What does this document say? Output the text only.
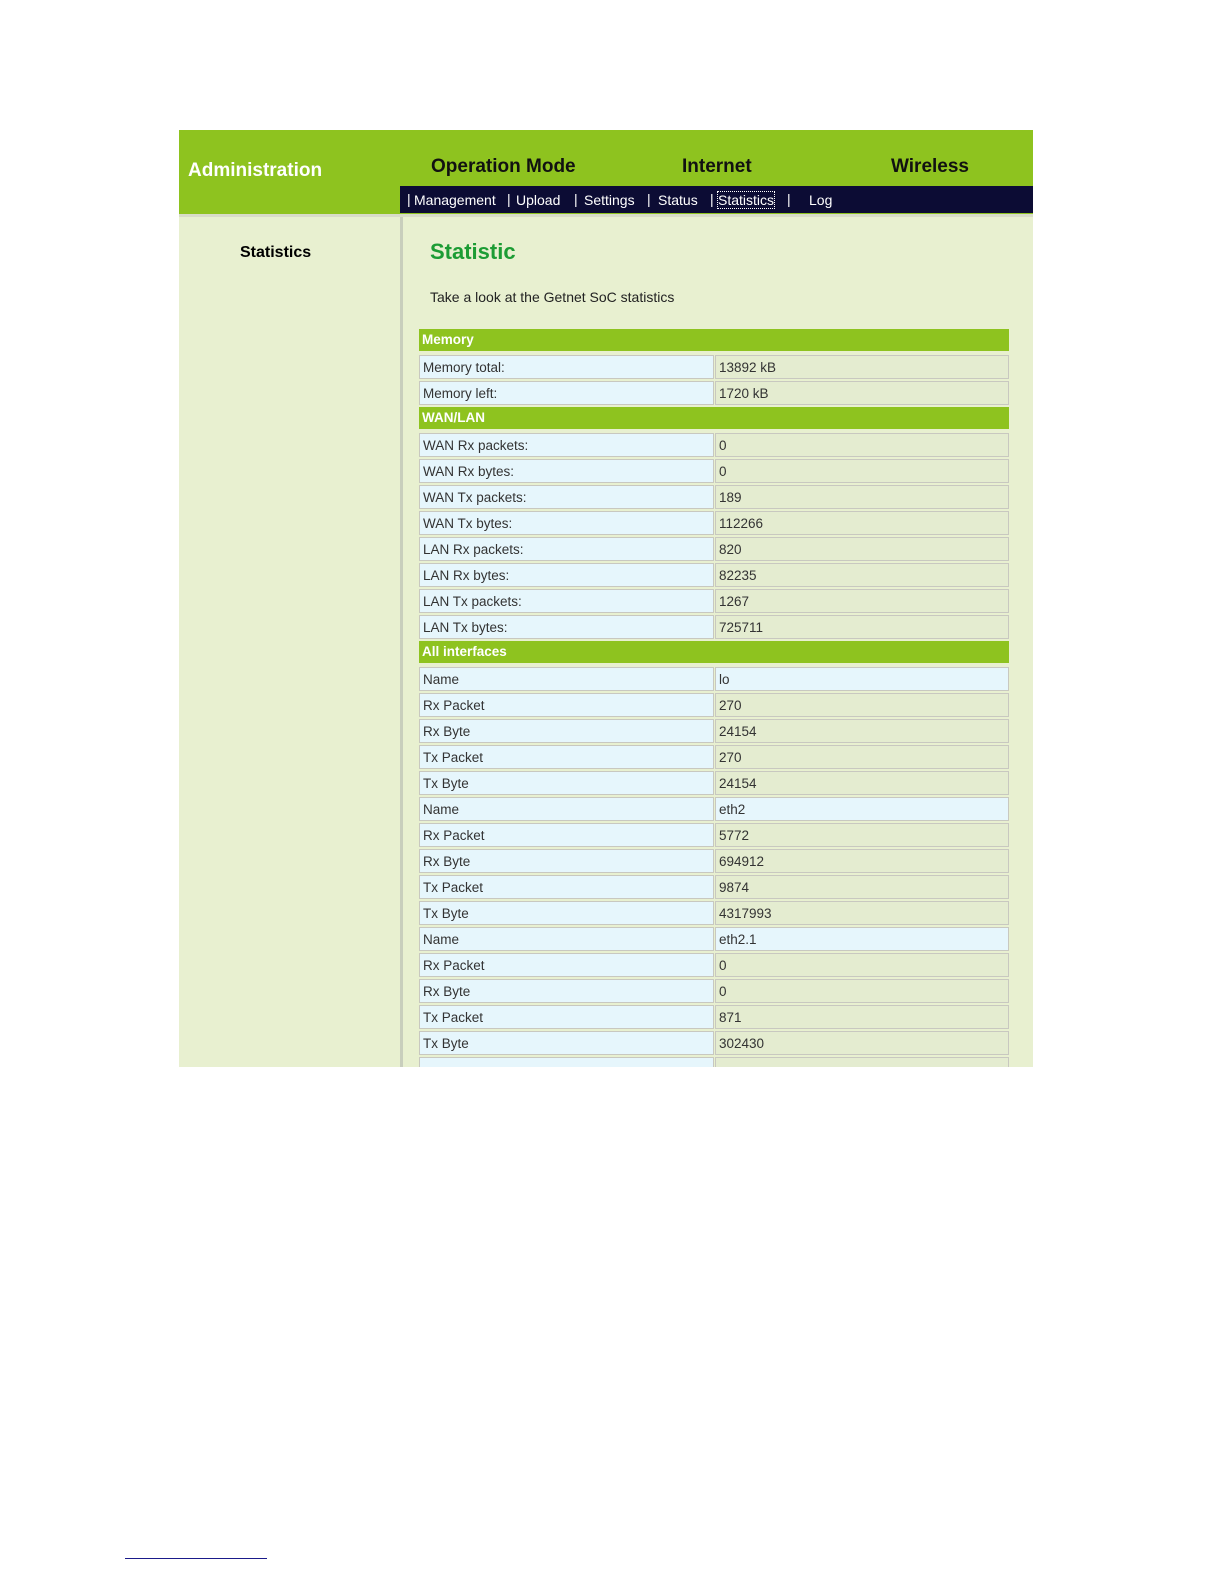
Administration	Operation Mode	Internet	Wireless
| Management | Upload | Settings | Status | Statistics | Log
Statistics	Statistic
Take a look at the Getnet SoC statistics
Memory
Memory total:	13892 kB
Memory left:	1720 kB
WAN/LAN
WAN Rx packets:	0
WAN Rx bytes:	0
WAN Tx packets:	189
WAN Tx bytes:	112266
LAN Rx packets:	820
LAN Rx bytes:	82235
LAN Tx packets:	1267
LAN Tx bytes:	725711
All interfaces
Name	lo
Rx Packet	270
Rx Byte	24154
Tx Packet	270
Tx Byte	24154
Name	eth2
Rx Packet	5772
Rx Byte	694912
Tx Packet	9874
Tx Byte	4317993
Name	eth2.1
Rx Packet	0
Rx Byte	0
Tx Packet	871
Tx Byte	302430
